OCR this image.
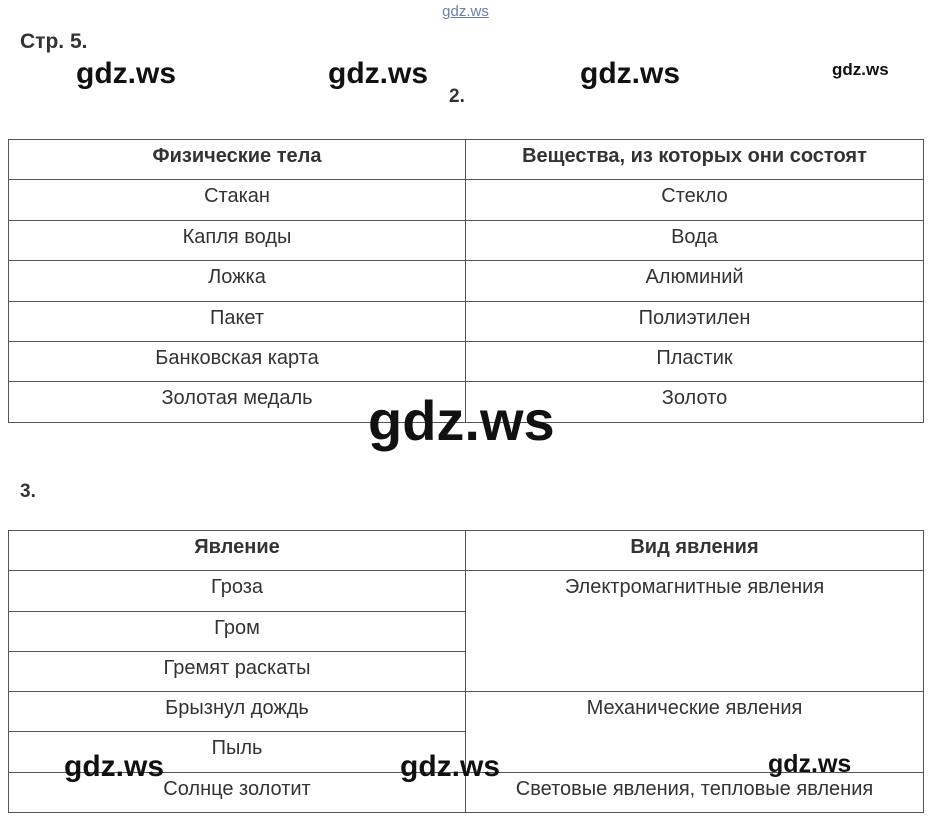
gdz.ws
Стр. 5.
gdz.ws	gdz.ws	gdz.ws	gdz.ws
2.
Физические тела	Вещества, из которых они состоят
Стакан	Стекло
Капля воды	Вода
Ложка	Алюминий
Пакет	Полиэтилен
Банковская карта	Пластик
Золотая медаль	Золото
gdz.ws
3.
Явление	Вид явления
Гроза	Электромагнитные явления
Гром	
Гремят раскаты	
Брызнул дождь	Механические явления
Пыль	
Солнце золотит	Световые явления, тепловые явления
gdz.ws	gdz.ws	gdz.ws
